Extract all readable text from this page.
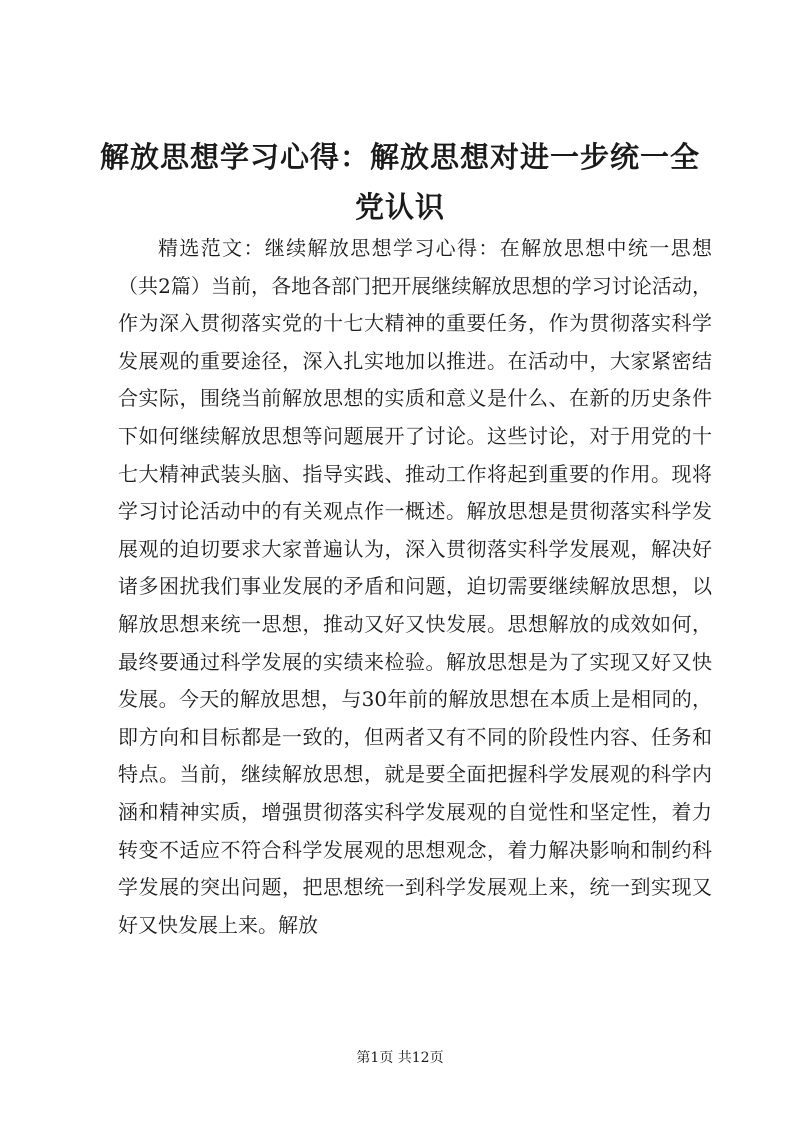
解放思想学习心得：解放思想对进一步统一全党认识

精选范文：继续解放思想学习心得：在解放思想中统一思想（共2篇）当前，各地各部门把开展继续解放思想的学习讨论活动，作为深入贯彻落实党的十七大精神的重要任务，作为贯彻落实科学发展观的重要途径，深入扎实地加以推进。在活动中，大家紧密结合实际，围绕当前解放思想的实质和意义是什么、在新的历史条件下如何继续解放思想等问题展开了讨论。这些讨论，对于用党的十七大精神武装头脑、指导实践、推动工作将起到重要的作用。现将学习讨论活动中的有关观点作一概述。解放思想是贯彻落实科学发展观的迫切要求大家普遍认为，深入贯彻落实科学发展观，解决好诸多困扰我们事业发展的矛盾和问题，迫切需要继续解放思想，以解放思想来统一思想，推动又好又快发展。思想解放的成效如何，最终要通过科学发展的实绩来检验。解放思想是为了实现又好又快发展。今天的解放思想，与30年前的解放思想在本质上是相同的，即方向和目标都是一致的，但两者又有不同的阶段性内容、任务和特点。当前，继续解放思想，就是要全面把握科学发展观的科学内涵和精神实质，增强贯彻落实科学发展观的自觉性和坚定性，着力转变不适应不符合科学发展观的思想观念，着力解决影响和制约科学发展的突出问题，把思想统一到科学发展观上来，统一到实现又好又快发展上来。解放

第1页 共12页
